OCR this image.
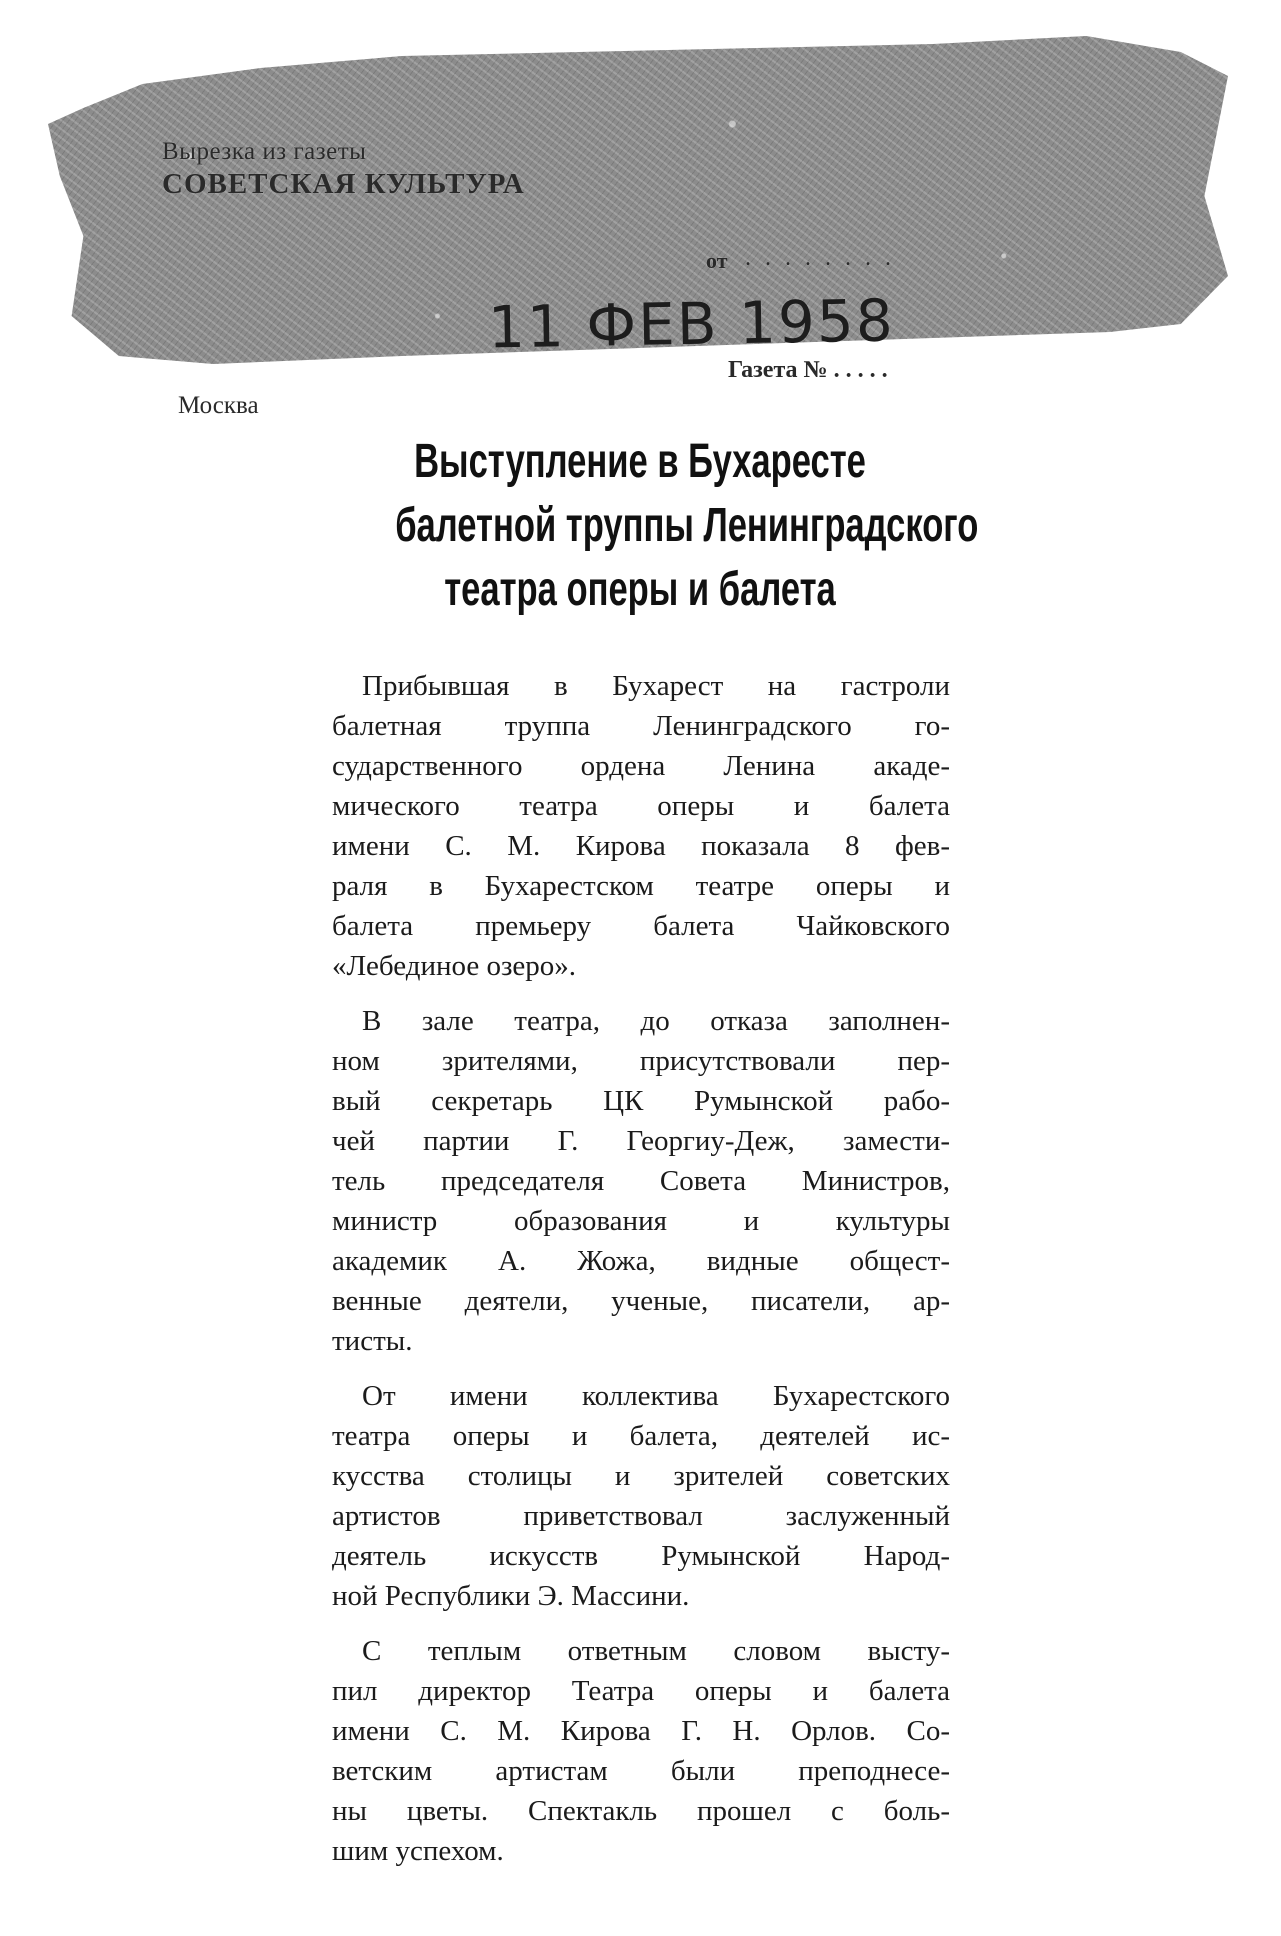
Вырезка из газеты
СОВЕТСКАЯ КУЛЬТУРА
от . . . . . . . .
11 ФЕВ 1958
Газета № . . . . .
Москва
Выступление в Бухаресте
балетной труппы Ленинградского
театра оперы и балета
Прибывшая в Бухарест на гастроли
балетная труппа Ленинградского го-
сударственного ордена Ленина акаде-
мического театра оперы и балета
имени С. М. Кирова показала 8 фев-
раля в Бухарестском театре оперы и
балета премьеру балета Чайковского
«Лебединое озеро».
В зале театра, до отказа заполнен-
ном зрителями, присутствовали пер-
вый секретарь ЦК Румынской рабо-
чей партии Г. Георгиу-Деж, замести-
тель председателя Совета Министров,
министр образования и культуры
академик А. Жожа, видные общест-
венные деятели, ученые, писатели, ар-
тисты.
От имени коллектива Бухарестского
театра оперы и балета, деятелей ис-
кусства столицы и зрителей советских
артистов приветствовал заслуженный
деятель искусств Румынской Народ-
ной Республики Э. Массини.
С теплым ответным словом высту-
пил директор Театра оперы и балета
имени С. М. Кирова Г. Н. Орлов. Со-
ветским артистам были преподнесе-
ны цветы. Спектакль прошел с боль-
шим успехом.
